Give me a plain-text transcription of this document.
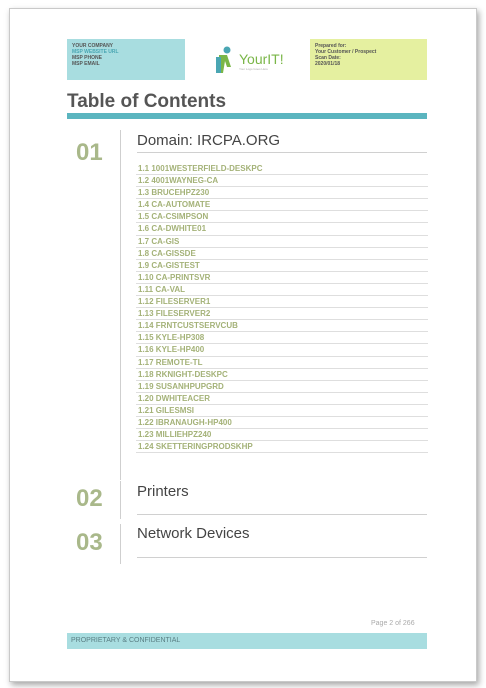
YOUR COMPANY
MSP WEBSITE URL
MSP PHONE
MSP EMAIL	YourIT!
Your Logo Goes Here
Prepared for:
Your Customer / Prospect
Scan Date:
2020/01/18
Table of Contents
01 Domain: IRCPA.ORG
1.1 1001WESTERFIELD-DESKPC
1.2 4001WAYNEG-CA
1.3 BRUCEHPZ230
1.4 CA-AUTOMATE
1.5 CA-CSIMPSON
1.6 CA-DWHITE01
1.7 CA-GIS
1.8 CA-GISSDE
1.9 CA-GISTEST
1.10 CA-PRINTSVR
1.11 CA-VAL
1.12 FILESERVER1
1.13 FILESERVER2
1.14 FRNTCUSTSERVCUB
1.15 KYLE-HP308
1.16 KYLE-HP400
1.17 REMOTE-TL
1.18 RKNIGHT-DESKPC
1.19 SUSANHPUPGRD
1.20 DWHITEACER
1.21 GILESMSI
1.22 IBRANAUGH-HP400
1.23 MILLIEHPZ240
1.24 SKETTERINGPRODSKHP
02 Printers
03 Network Devices
Page 2 of 266
PROPRIETARY & CONFIDENTIAL
